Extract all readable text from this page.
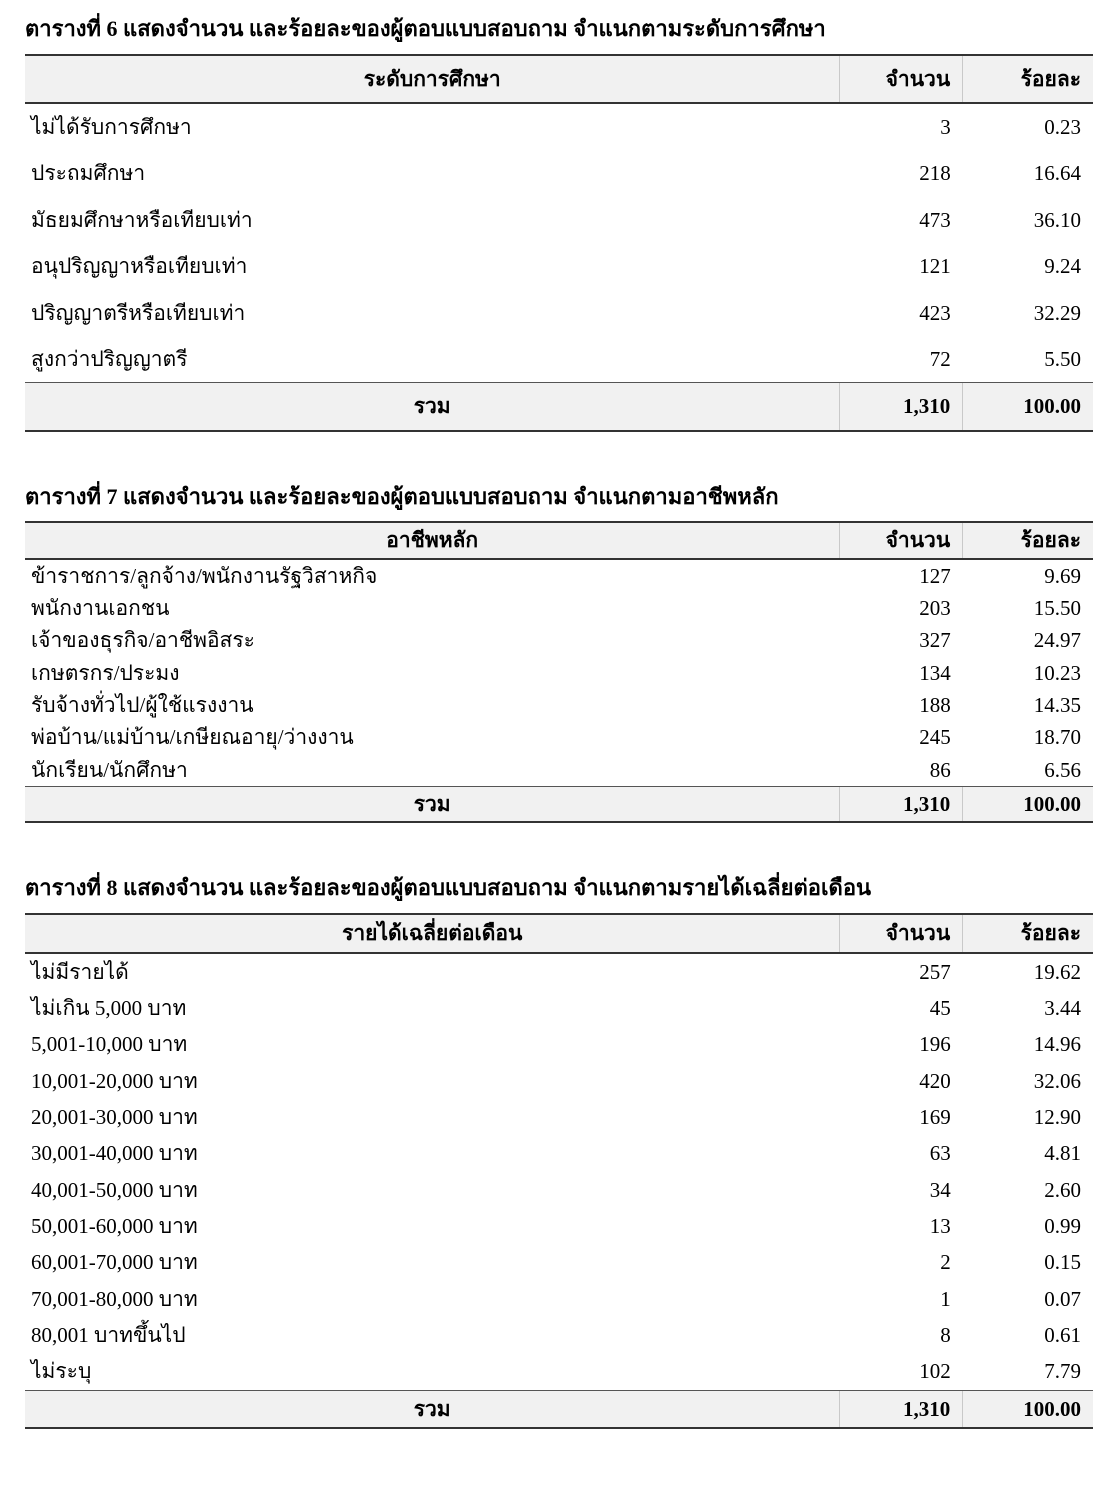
ตารางที่ 6 แสดงจำนวน และร้อยละของผู้ตอบแบบสอบถาม จำแนกตามระดับการศึกษา
ระดับการศึกษา	จำนวน	ร้อยละ
ไม่ได้รับการศึกษา	3	0.23
ประถมศึกษา	218	16.64
มัธยมศึกษาหรือเทียบเท่า	473	36.10
อนุปริญญาหรือเทียบเท่า	121	9.24
ปริญญาตรีหรือเทียบเท่า	423	32.29
สูงกว่าปริญญาตรี	72	5.50
รวม	1,310	100.00
ตารางที่ 7 แสดงจำนวน และร้อยละของผู้ตอบแบบสอบถาม จำแนกตามอาชีพหลัก
อาชีพหลัก	จำนวน	ร้อยละ
ข้าราชการ/ลูกจ้าง/พนักงานรัฐวิสาหกิจ	127	9.69
พนักงานเอกชน	203	15.50
เจ้าของธุรกิจ/อาชีพอิสระ	327	24.97
เกษตรกร/ประมง	134	10.23
รับจ้างทั่วไป/ผู้ใช้แรงงาน	188	14.35
พ่อบ้าน/แม่บ้าน/เกษียณอายุ/ว่างงาน	245	18.70
นักเรียน/นักศึกษา	86	6.56
รวม	1,310	100.00
ตารางที่ 8 แสดงจำนวน และร้อยละของผู้ตอบแบบสอบถาม จำแนกตามรายได้เฉลี่ยต่อเดือน
รายได้เฉลี่ยต่อเดือน	จำนวน	ร้อยละ
ไม่มีรายได้	257	19.62
ไม่เกิน 5,000 บาท	45	3.44
5,001-10,000 บาท	196	14.96
10,001-20,000 บาท	420	32.06
20,001-30,000 บาท	169	12.90
30,001-40,000 บาท	63	4.81
40,001-50,000 บาท	34	2.60
50,001-60,000 บาท	13	0.99
60,001-70,000 บาท	2	0.15
70,001-80,000 บาท	1	0.07
80,001 บาทขึ้นไป	8	0.61
ไม่ระบุ	102	7.79
รวม	1,310	100.00
